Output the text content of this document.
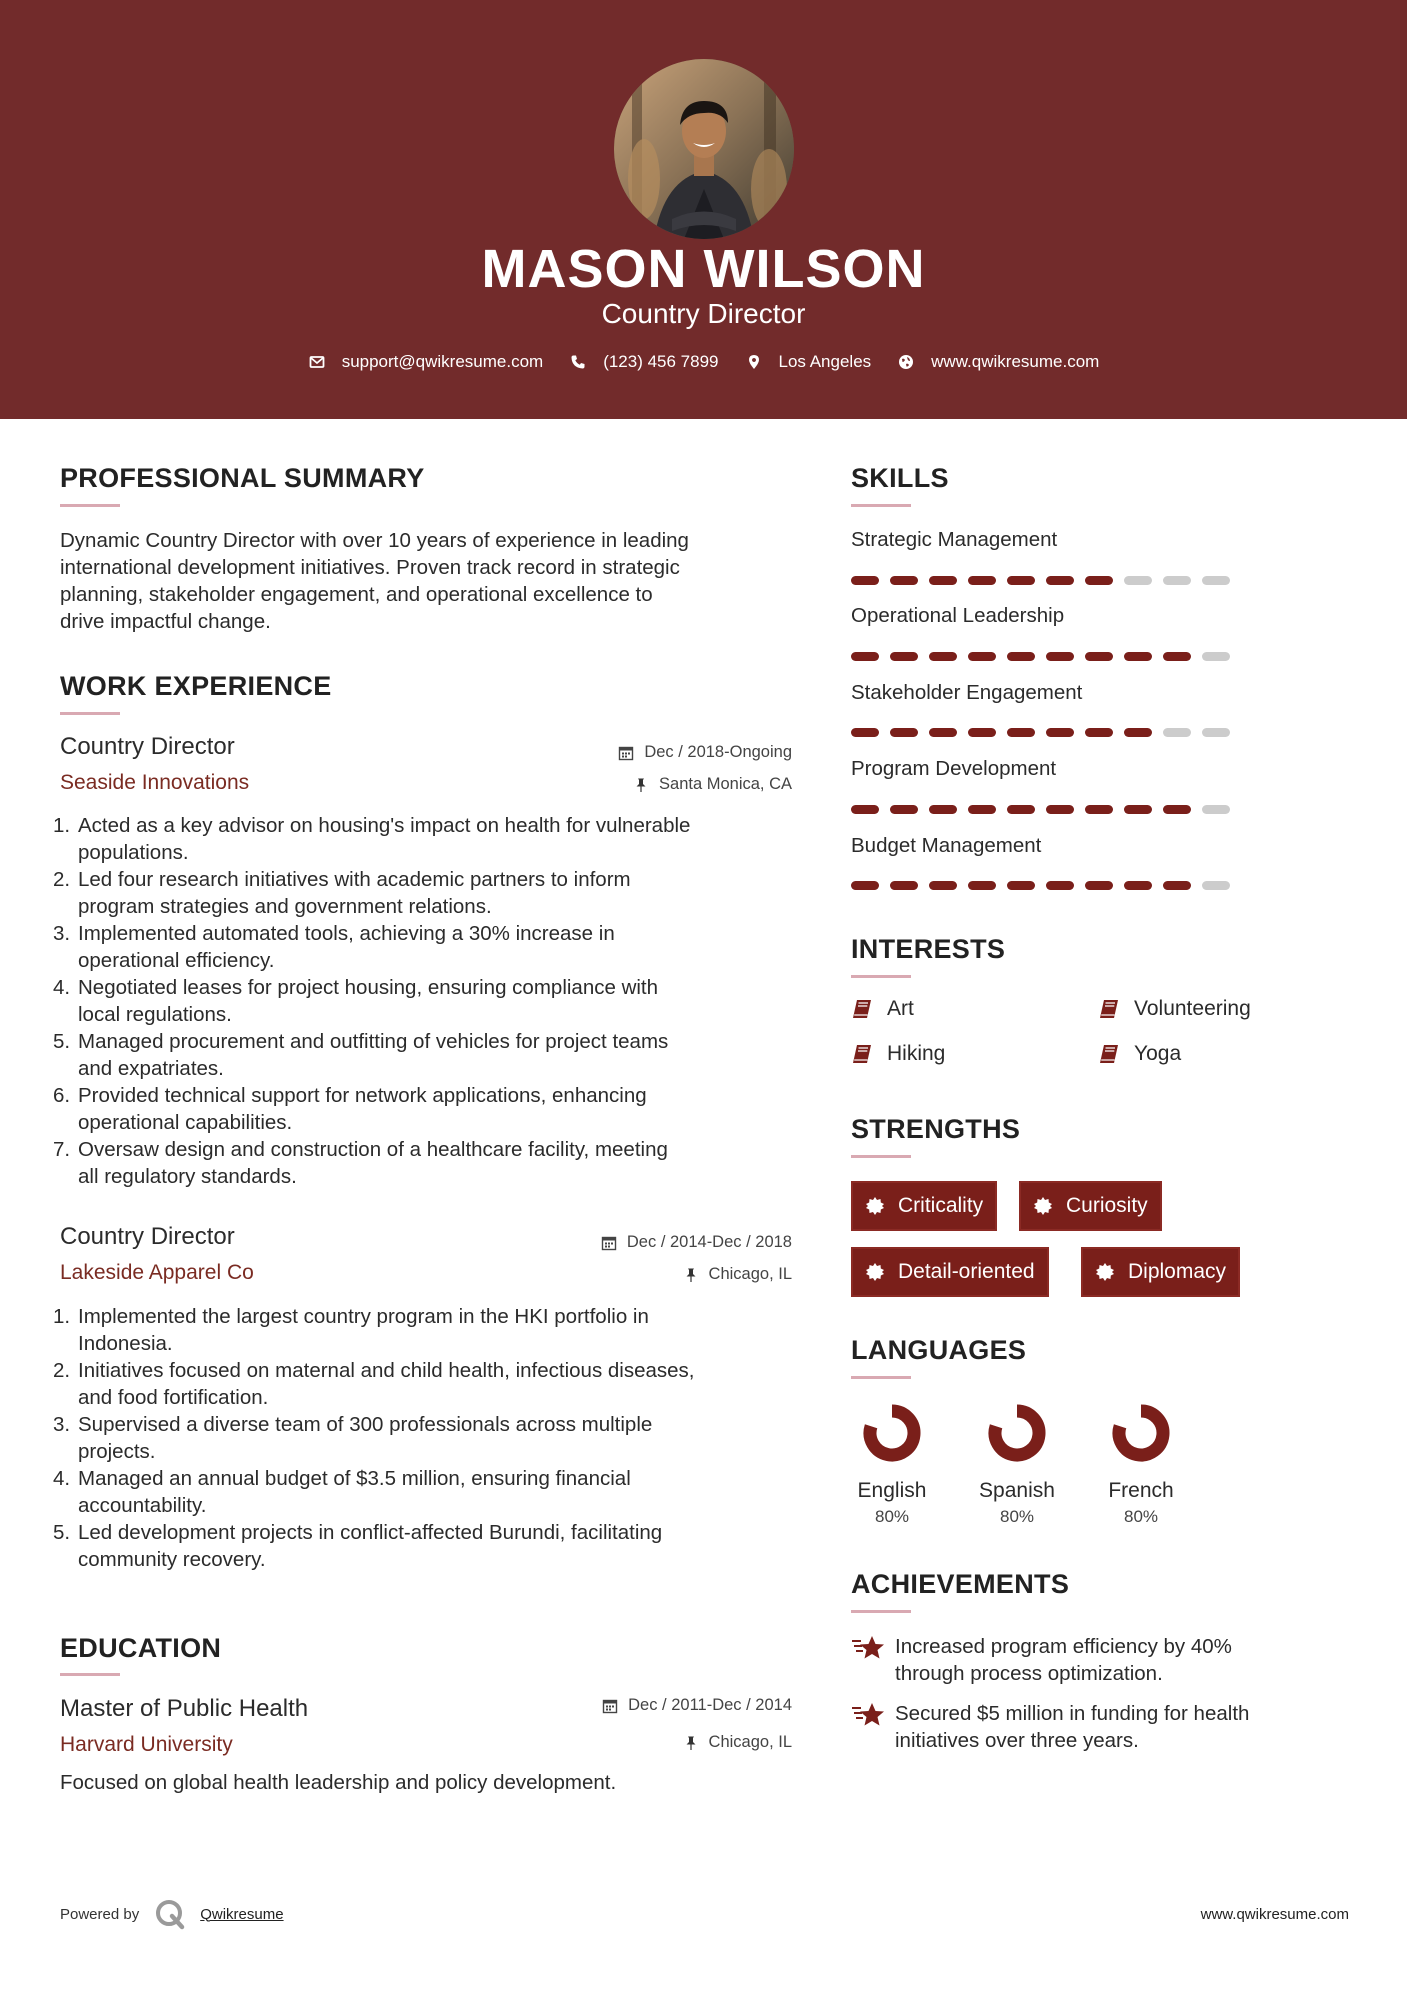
MASON WILSON
Country Director
support@qwikresume.com	(123) 456 7899	Los Angeles	www.qwikresume.com
PROFESSIONAL SUMMARY
Dynamic Country Director with over 10 years of experience in leading
international development initiatives. Proven track record in strategic
planning, stakeholder engagement, and operational excellence to
drive impactful change.
WORK EXPERIENCE
Country Director
Seaside Innovations
Dec / 2018-Ongoing
Santa Monica, CA
1. Acted as a key advisor on housing's impact on health for vulnerable
populations.
2. Led four research initiatives with academic partners to inform
program strategies and government relations.
3. Implemented automated tools, achieving a 30% increase in
operational efficiency.
4. Negotiated leases for project housing, ensuring compliance with
local regulations.
5. Managed procurement and outfitting of vehicles for project teams
and expatriates.
6. Provided technical support for network applications, enhancing
operational capabilities.
7. Oversaw design and construction of a healthcare facility, meeting
all regulatory standards.
Country Director
Lakeside Apparel Co
Dec / 2014-Dec / 2018
Chicago, IL
1. Implemented the largest country program in the HKI portfolio in
Indonesia.
2. Initiatives focused on maternal and child health, infectious diseases,
and food fortification.
3. Supervised a diverse team of 300 professionals across multiple
projects.
4. Managed an annual budget of $3.5 million, ensuring financial
accountability.
5. Led development projects in conflict-affected Burundi, facilitating
community recovery.
EDUCATION
Master of Public Health
Harvard University
Dec / 2011-Dec / 2014
Chicago, IL
Focused on global health leadership and policy development.
SKILLS
Strategic Management
Operational Leadership
Stakeholder Engagement
Program Development
Budget Management
INTERESTS
Art	Volunteering
Hiking	Yoga
STRENGTHS
Criticality	Curiosity
Detail-oriented	Diplomacy
LANGUAGES
English
80%
Spanish
80%
French
80%
ACHIEVEMENTS
Increased program efficiency by 40%
through process optimization.
Secured $5 million in funding for health
initiatives over three years.
Powered by	Qwikresume	www.qwikresume.com
